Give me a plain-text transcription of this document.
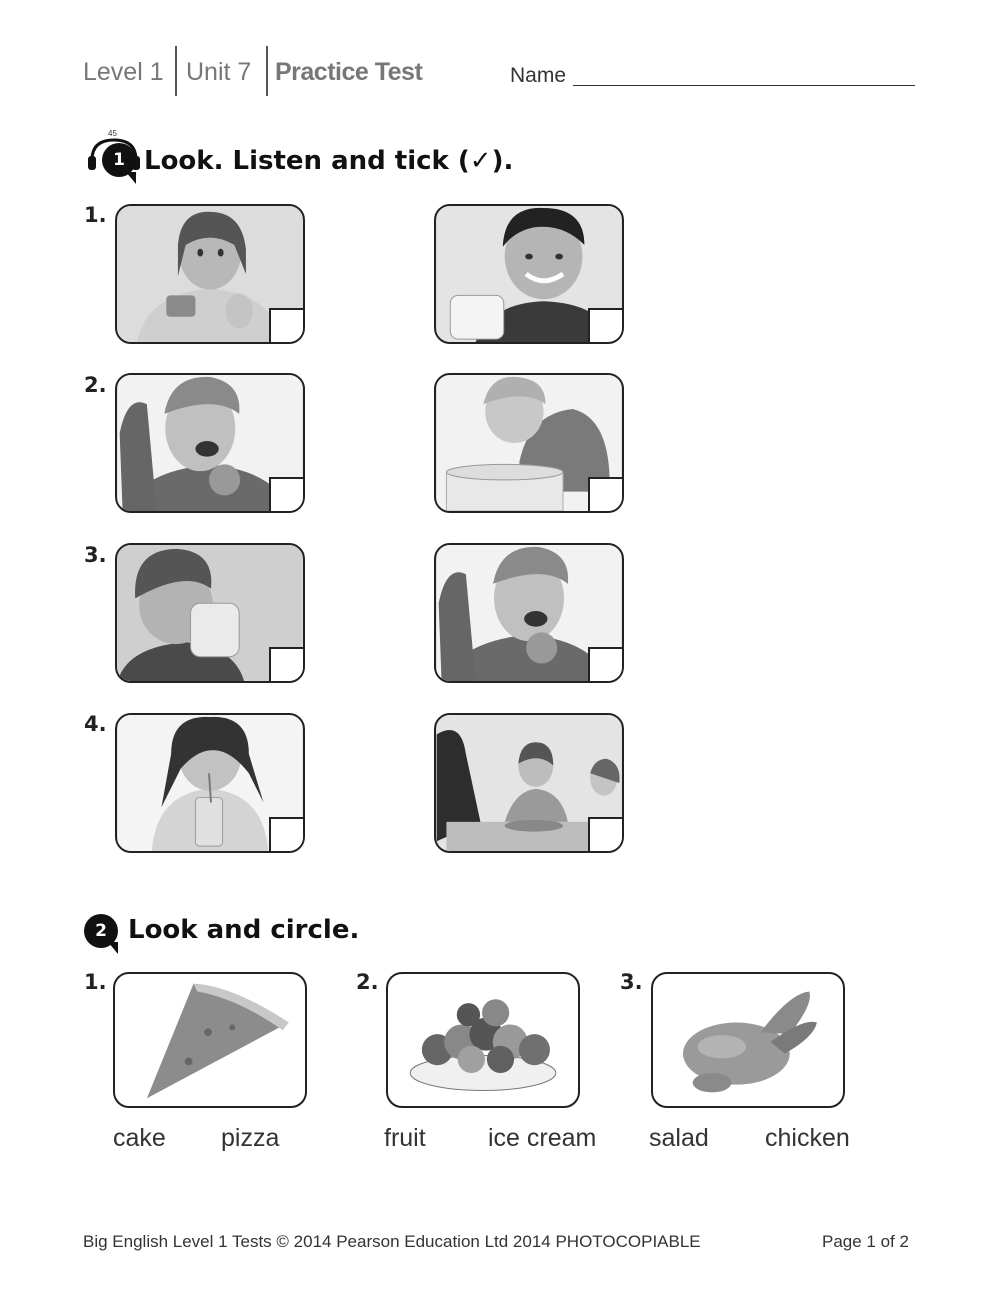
Level 1 Unit 7 Practice Test	Name
45
1 Look. Listen and tick (✓).
1.
2.
3.
4.
2 Look and circle.
1.	2.	3.
cake pizza	fruit ice cream salad chicken
Big English Level 1 Tests © 2014 Pearson Education Ltd 2014 PHOTOCOPIABLE	Page 1 of 2
